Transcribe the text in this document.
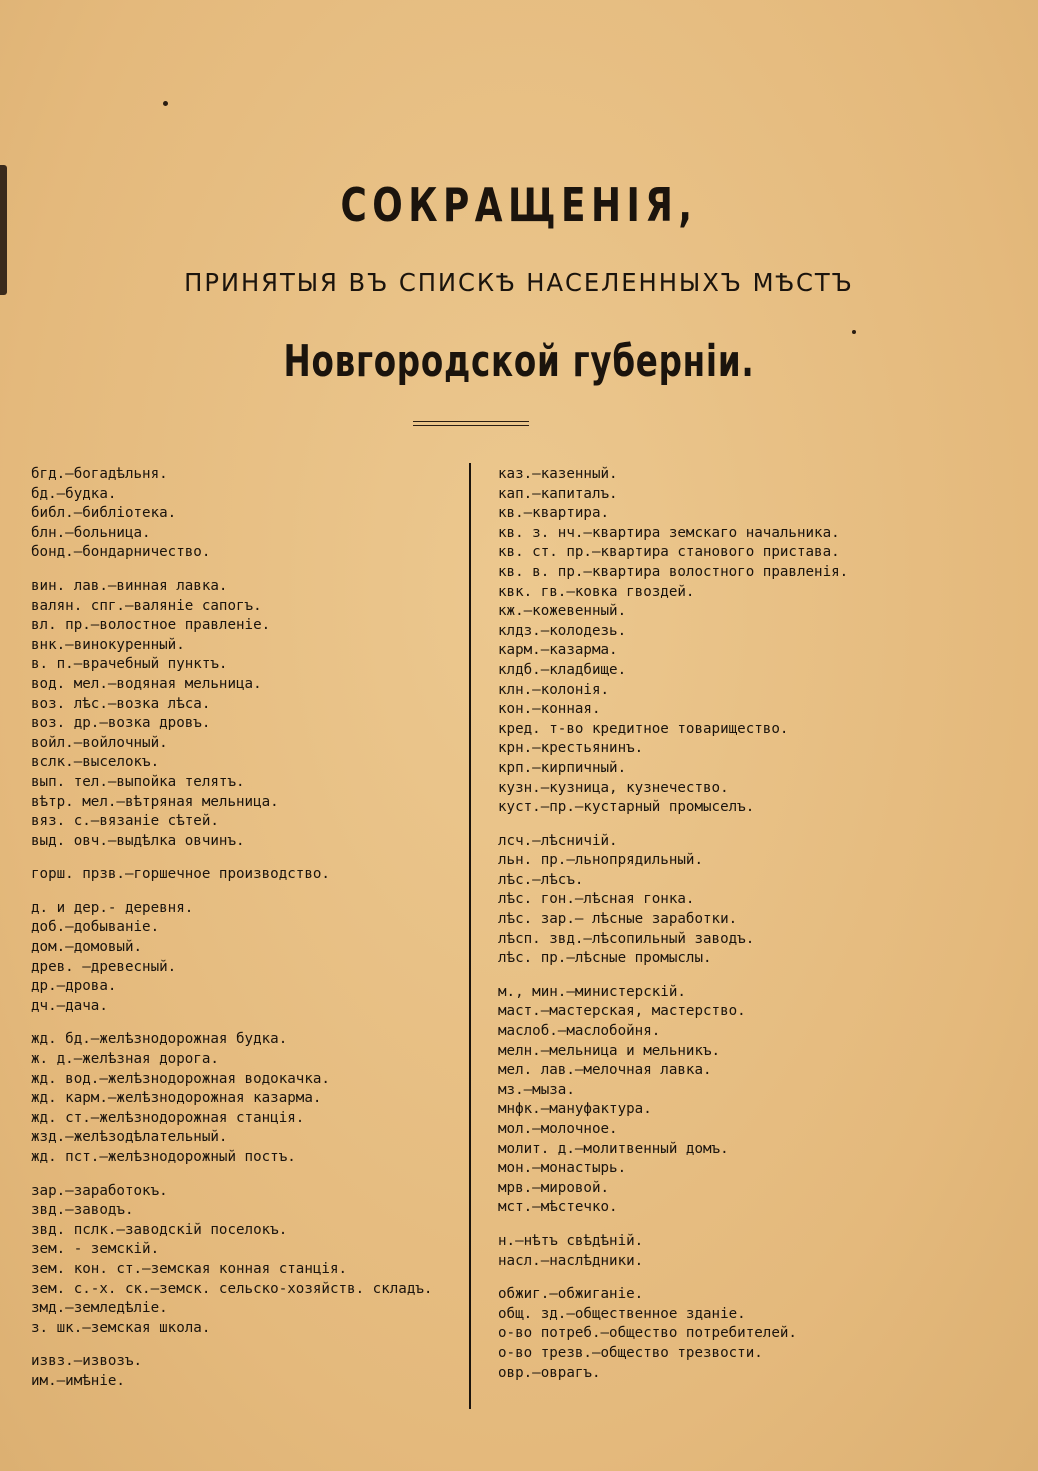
СОКРАЩЕНІЯ,
ПРИНЯТЫЯ ВЪ СПИСКѢ НАСЕЛЕННЫХЪ МѢСТЪ
Новгородской губерніи.
бгд.—богадѣльня.
бд.—будка.
библ.—библіотека.
блн.—больница.
бонд.—бондарничество.
вин. лав.—винная лавка.
валян. спг.—валяніе сапогъ.
вл. пр.—волостное правленіе.
внк.—винокуренный.
в. п.—врачебный пунктъ.
вод. мел.—водяная мельница.
воз. лѣс.—возка лѣса.
воз. др.—возка дровъ.
войл.—войлочный.
вслк.—выселокъ.
вып. тел.—выпойка телятъ.
вѣтр. мел.—вѣтряная мельница.
вяз. с.—вязаніе сѣтей.
выд. овч.—выдѣлка овчинъ.
горш. прзв.—горшечное производство.
д. и дер.- деревня.
доб.—добываніе.
дом.—домовый.
древ. —древесный.
др.—дрова.
дч.—дача.
жд. бд.—желѣзнодорожная будка.
ж. д.—желѣзная дорога.
жд. вод.—желѣзнодорожная водокачка.
жд. карм.—желѣзнодорожная казарма.
жд. ст.—желѣзнодорожная станція.
жзд.—желѣзодѣлательный.
жд. пст.—желѣзнодорожный постъ.
зар.—заработокъ.
звд.—заводъ.
звд. пслк.—заводскій поселокъ.
зем. - земскій.
зем. кон. ст.—земская конная станція.
зем. с.-х. ск.—земск. сельско-хозяйств. складъ.
змд.—земледѣліе.
з. шк.—земская школа.
извз.—извозъ.
им.—имѣніе.
каз.—казенный.
кап.—капиталъ.
кв.—квартира.
кв. з. нч.—квартира земскаго начальника.
кв. ст. пр.—квартира станового пристава.
кв. в. пр.—квартира волостного правленія.
квк. гв.—ковка гвоздей.
кж.—кожевенный.
клдз.—колодезь.
карм.—казарма.
клдб.—кладбище.
клн.—колонія.
кон.—конная.
кред. т-во кредитное товарищество.
крн.—крестьянинъ.
крп.—кирпичный.
кузн.—кузница, кузнечество.
куст.—пр.—кустарный промыселъ.
лсч.—лѣсничій.
льн. пр.—льнопрядильный.
лѣс.—лѣсъ.
лѣс. гон.—лѣсная гонка.
лѣс. зар.— лѣсные заработки.
лѣсп. звд.—лѣсопильный заводъ.
лѣс. пр.—лѣсные промыслы.
м., мин.—министерскій.
маст.—мастерская, мастерство.
маслоб.—маслобойня.
мелн.—мельница и мельникъ.
мел. лав.—мелочная лавка.
мз.—мыза.
мнфк.—мануфактура.
мол.—молочное.
молит. д.—молитвенный домъ.
мон.—монастырь.
мрв.—мировой.
мст.—мѣстечко.
н.—нѣтъ свѣдѣній.
насл.—наслѣдники.
обжиг.—обжиганіе.
общ. зд.—общественное зданіе.
о-во потреб.—общество потребителей.
о-во трезв.—общество трезвости.
овр.—оврагъ.
